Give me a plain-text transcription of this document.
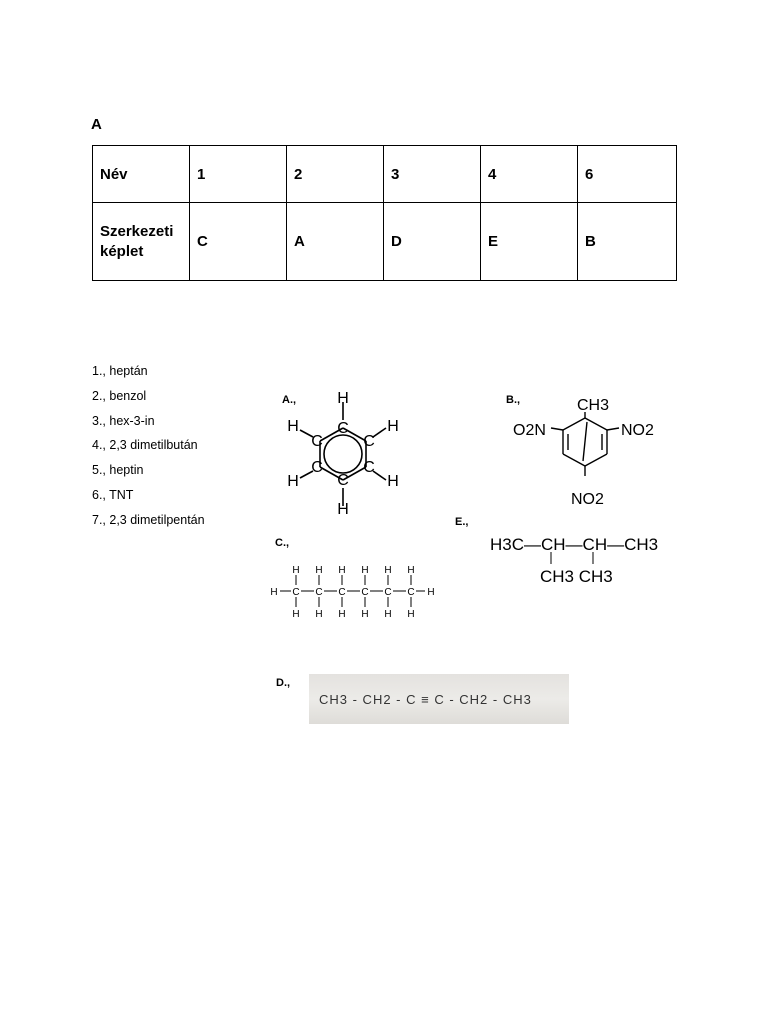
A
Név	1	2	3	4	6
Szerkezeti
képlet	C	A	D	E	B
1., heptán
2., benzol
3., hex-3-in
4., 2,3 dimetilbután
5., heptin
6., TNT
7., 2,3 dimetilpentán
A.,
C
C
C
C
C
C
H
H
H
H
H
H
B.,	CH3
O2N	NO2
NO2
C.,
H	H
C C C C C C
H H H H H H
H H H H H H
E.,
H3C—CH—CH—CH3
CH3 CH3
D.,
CH3 - CH2 - C ≡ C - CH2 - CH3
